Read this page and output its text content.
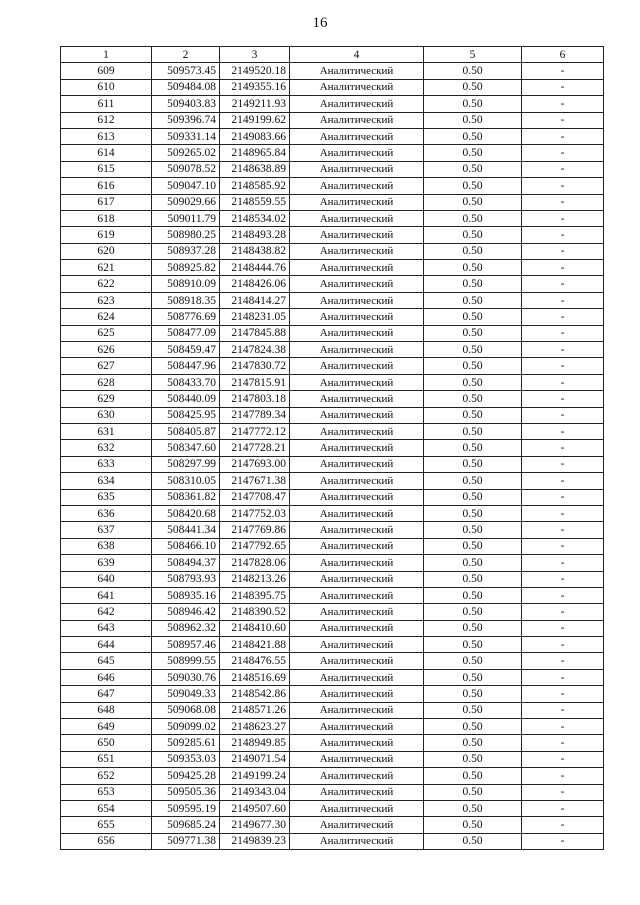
16
1	2	3	4	5	6
609	509573.45	2149520.18	Аналитический	0.50	-
610	509484.08	2149355.16	Аналитический	0.50	-
611	509403.83	2149211.93	Аналитический	0.50	-
612	509396.74	2149199.62	Аналитический	0.50	-
613	509331.14	2149083.66	Аналитический	0.50	-
614	509265.02	2148965.84	Аналитический	0.50	-
615	509078.52	2148638.89	Аналитический	0.50	-
616	509047.10	2148585.92	Аналитический	0.50	-
617	509029.66	2148559.55	Аналитический	0.50	-
618	509011.79	2148534.02	Аналитический	0.50	-
619	508980.25	2148493.28	Аналитический	0.50	-
620	508937.28	2148438.82	Аналитический	0.50	-
621	508925.82	2148444.76	Аналитический	0.50	-
622	508910.09	2148426.06	Аналитический	0.50	-
623	508918.35	2148414.27	Аналитический	0.50	-
624	508776.69	2148231.05	Аналитический	0.50	-
625	508477.09	2147845.88	Аналитический	0.50	-
626	508459.47	2147824.38	Аналитический	0.50	-
627	508447.96	2147830.72	Аналитический	0.50	-
628	508433.70	2147815.91	Аналитический	0.50	-
629	508440.09	2147803.18	Аналитический	0.50	-
630	508425.95	2147789.34	Аналитический	0.50	-
631	508405.87	2147772.12	Аналитический	0.50	-
632	508347.60	2147728.21	Аналитический	0.50	-
633	508297.99	2147693.00	Аналитический	0.50	-
634	508310.05	2147671.38	Аналитический	0.50	-
635	508361.82	2147708.47	Аналитический	0.50	-
636	508420.68	2147752.03	Аналитический	0.50	-
637	508441.34	2147769.86	Аналитический	0.50	-
638	508466.10	2147792.65	Аналитический	0.50	-
639	508494.37	2147828.06	Аналитический	0.50	-
640	508793.93	2148213.26	Аналитический	0.50	-
641	508935.16	2148395.75	Аналитический	0.50	-
642	508946.42	2148390.52	Аналитический	0.50	-
643	508962.32	2148410.60	Аналитический	0.50	-
644	508957.46	2148421.88	Аналитический	0.50	-
645	508999.55	2148476.55	Аналитический	0.50	-
646	509030.76	2148516.69	Аналитический	0.50	-
647	509049.33	2148542.86	Аналитический	0.50	-
648	509068.08	2148571.26	Аналитический	0.50	-
649	509099.02	2148623.27	Аналитический	0.50	-
650	509285.61	2148949.85	Аналитический	0.50	-
651	509353.03	2149071.54	Аналитический	0.50	-
652	509425.28	2149199.24	Аналитический	0.50	-
653	509505.36	2149343.04	Аналитический	0.50	-
654	509595.19	2149507.60	Аналитический	0.50	-
655	509685.24	2149677.30	Аналитический	0.50	-
656	509771.38	2149839.23	Аналитический	0.50	-
